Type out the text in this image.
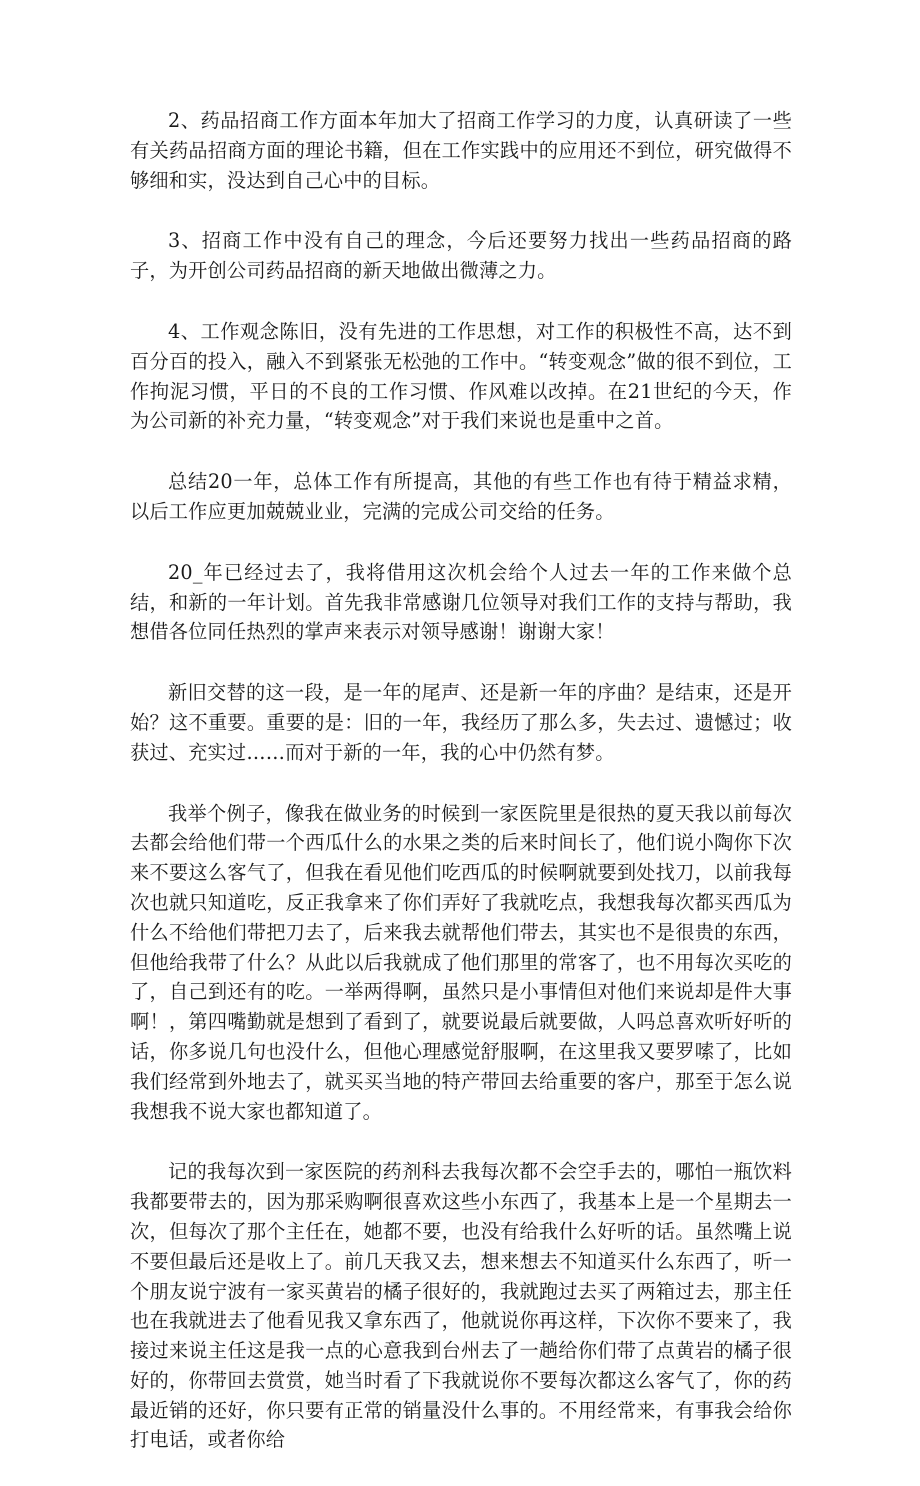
2、药品招商工作方面本年加大了招商工作学习的力度，认真研读了一些有关药品招商方面的理论书籍，但在工作实践中的应用还不到位，研究做得不够细和实，没达到自己心中的目标。

3、招商工作中没有自己的理念，今后还要努力找出一些药品招商的路子，为开创公司药品招商的新天地做出微薄之力。

4、工作观念陈旧，没有先进的工作思想，对工作的积极性不高，达不到百分百的投入，融入不到紧张无松弛的工作中。“转变观念”做的很不到位，工作拘泥习惯，平日的不良的工作习惯、作风难以改掉。在21世纪的今天，作为公司新的补充力量，“转变观念”对于我们来说也是重中之首。

总结20一年，总体工作有所提高，其他的有些工作也有待于精益求精，以后工作应更加兢兢业业，完满的完成公司交给的任务。

20_年已经过去了，我将借用这次机会给个人过去一年的工作来做个总结，和新的一年计划。首先我非常感谢几位领导对我们工作的支持与帮助，我想借各位同任热烈的掌声来表示对领导感谢！谢谢大家！

新旧交替的这一段，是一年的尾声、还是新一年的序曲？是结束，还是开始？这不重要。重要的是：旧的一年，我经历了那么多，失去过、遗憾过；收获过、充实过……而对于新的一年，我的心中仍然有梦。

我举个例子，像我在做业务的时候到一家医院里是很热的夏天我以前每次去都会给他们带一个西瓜什么的水果之类的后来时间长了，他们说小陶你下次来不要这么客气了，但我在看见他们吃西瓜的时候啊就要到处找刀，以前我每次也就只知道吃，反正我拿来了你们弄好了我就吃点，我想我每次都买西瓜为什么不给他们带把刀去了，后来我去就帮他们带去，其实也不是很贵的东西，但他给我带了什么？从此以后我就成了他们那里的常客了，也不用每次买吃的了，自己到还有的吃。一举两得啊，虽然只是小事情但对他们来说却是件大事啊！，第四嘴勤就是想到了看到了，就要说最后就要做，人吗总喜欢听好听的话，你多说几句也没什么，但他心理感觉舒服啊，在这里我又要罗嗦了，比如我们经常到外地去了，就买买当地的特产带回去给重要的客户，那至于怎么说我想我不说大家也都知道了。

记的我每次到一家医院的药剂科去我每次都不会空手去的，哪怕一瓶饮料我都要带去的，因为那采购啊很喜欢这些小东西了，我基本上是一个星期去一次，但每次了那个主任在，她都不要，也没有给我什么好听的话。虽然嘴上说不要但最后还是收上了。前几天我又去，想来想去不知道买什么东西了，听一个朋友说宁波有一家买黄岩的橘子很好的，我就跑过去买了两箱过去，那主任也在我就进去了他看见我又拿东西了，他就说你再这样，下次你不要来了，我接过来说主任这是我一点的心意我到台州去了一趟给你们带了点黄岩的橘子很好的，你带回去赏赏，她当时看了下我就说你不要每次都这么客气了，你的药最近销的还好，你只要有正常的销量没什么事的。不用经常来，有事我会给你打电话，或者你给
